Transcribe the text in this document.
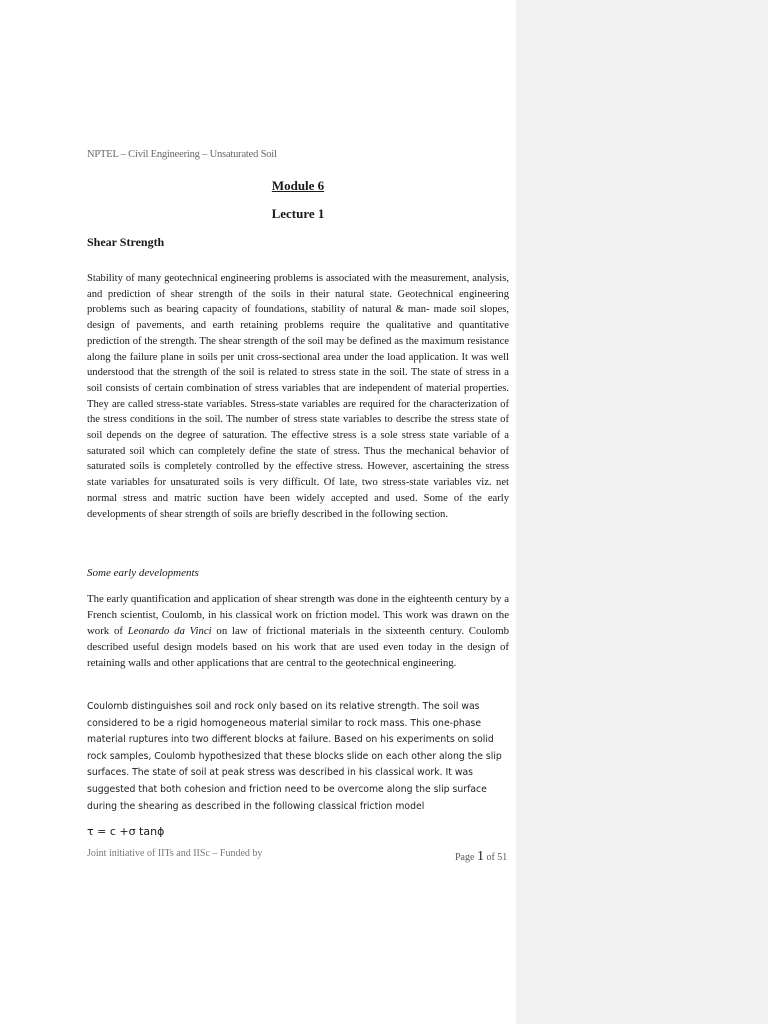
NPTEL – Civil Engineering – Unsaturated Soil
Module 6
Lecture 1
Shear Strength

Stability of many geotechnical engineering problems is associated with the measurement, analysis, and prediction of shear strength of the soils in their natural state. Geotechnical engineering problems such as bearing capacity of foundations, stability of natural & man- made soil slopes, design of pavements, and earth retaining problems require the qualitative and quantitative prediction of the strength. The shear strength of the soil may be defined as the maximum resistance along the failure plane in soils per unit cross-sectional area under the load application. It was well understood that the strength of the soil is related to stress state in the soil. The state of stress in a soil consists of certain combination of stress variables that are independent of material properties. They are called stress-state variables. Stress-state variables are required for the characterization of the stress conditions in the soil. The number of stress state variables to describe the stress state of soil depends on the degree of saturation. The effective stress is a sole stress state variable of a saturated soil which can completely define the state of stress. Thus the mechanical behavior of saturated soils is completely controlled by the effective stress. However, ascertaining the stress state variables for unsaturated soils is very difficult. Of late, two stress-state variables viz. net normal stress and matric suction have been widely accepted and used. Some of the early developments of shear strength of soils are briefly described in the following section.

Some early developments

The early quantification and application of shear strength was done in the eighteenth century by a French scientist, Coulomb, in his classical work on friction model. This work was drawn on the work of Leonardo da Vinci on law of frictional materials in the sixteenth century. Coulomb described useful design models based on his work that are used even today in the design of retaining walls and other applications that are central to the geotechnical engineering.

Coulomb distinguishes soil and rock only based on its relative strength. The soil was considered to be a rigid homogeneous material similar to rock mass. This one-phase material ruptures into two different blocks at failure. Based on his experiments on solid rock samples, Coulomb hypothesized that these blocks slide on each other along the slip surfaces. The state of soil at peak stress was described in his classical work. It was suggested that both cohesion and friction need to be overcome along the slip surface during the shearing as described in the following classical friction model

τ = c +σ tanϕ
Joint initiative of IITs and IISc – Funded by	Page 1 of 51
